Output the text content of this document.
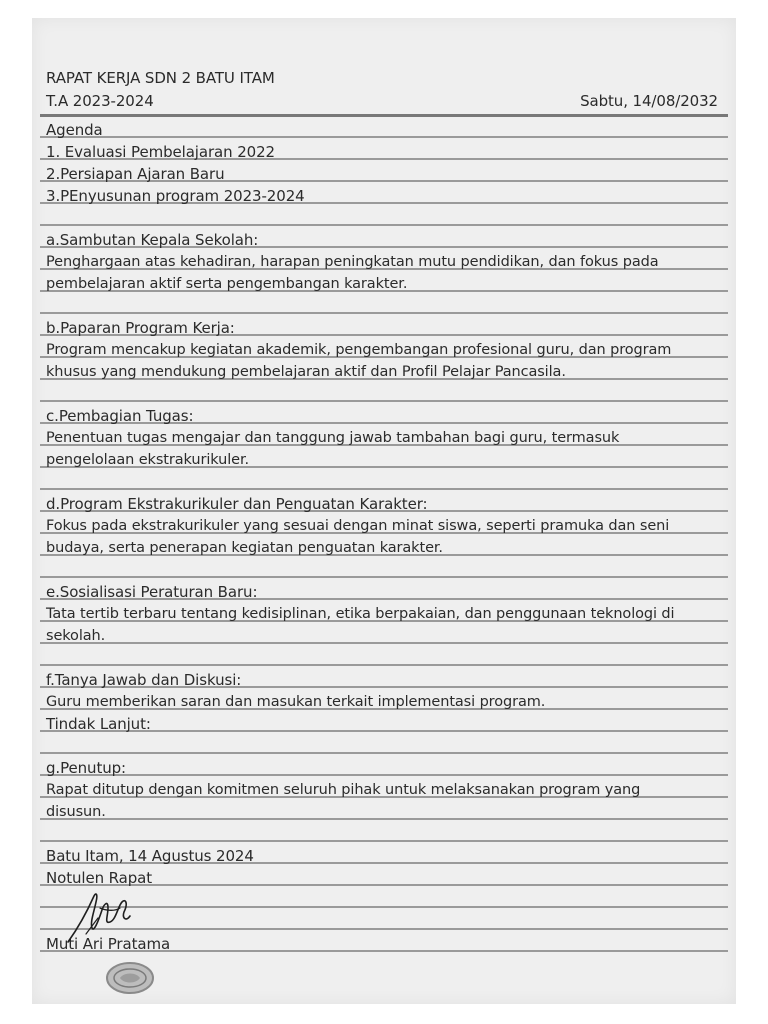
RAPAT KERJA SDN 2 BATU ITAM
T.A 2023-2024	Sabtu, 14/08/2032
Agenda
1. Evaluasi Pembelajaran 2022
2.Persiapan Ajaran Baru
3.PEnyusunan program 2023-2024
a.Sambutan Kepala Sekolah:
Penghargaan atas kehadiran, harapan peningkatan mutu pendidikan, dan fokus pada
pembelajaran aktif serta pengembangan karakter.
b.Paparan Program Kerja:
Program mencakup kegiatan akademik, pengembangan profesional guru, dan program
khusus yang mendukung pembelajaran aktif dan Profil Pelajar Pancasila.
c.Pembagian Tugas:
Penentuan tugas mengajar dan tanggung jawab tambahan bagi guru, termasuk
pengelolaan ekstrakurikuler.
d.Program Ekstrakurikuler dan Penguatan Karakter:
Fokus pada ekstrakurikuler yang sesuai dengan minat siswa, seperti pramuka dan seni
budaya, serta penerapan kegiatan penguatan karakter.
e.Sosialisasi Peraturan Baru:
Tata tertib terbaru tentang kedisiplinan, etika berpakaian, dan penggunaan teknologi di
sekolah.
f.Tanya Jawab dan Diskusi:
Guru memberikan saran dan masukan terkait implementasi program.
Tindak Lanjut:
g.Penutup:
Rapat ditutup dengan komitmen seluruh pihak untuk melaksanakan program yang
disusun.
Batu Itam, 14 Agustus 2024
Notulen Rapat
Muti Ari Pratama
